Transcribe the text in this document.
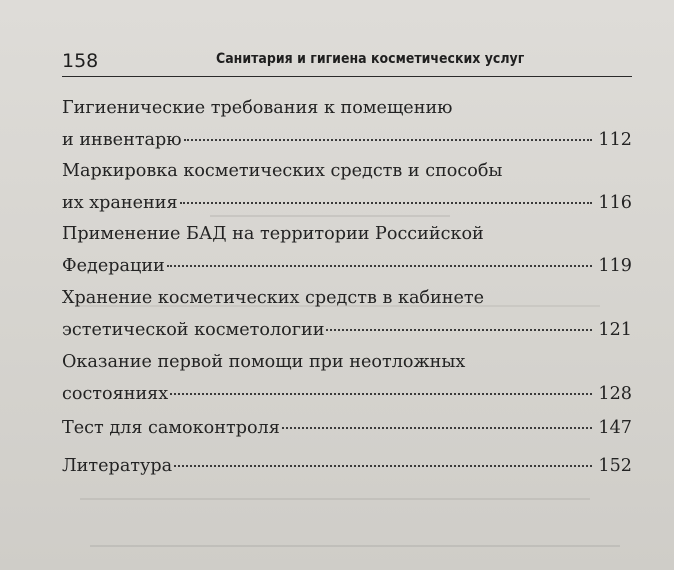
158	Санитария и гигиена косметических услуг
Гигиенические требования к помещению
и инвентарю	112
Маркировка косметических средств и способы
их хранения	116
Применение БАД на территории Российской
Федерации	119
Хранение косметических средств в кабинете
эстетической косметологии	121
Оказание первой помощи при неотложных
состояниях	128
Тест для самоконтроля	147
Литература	152
